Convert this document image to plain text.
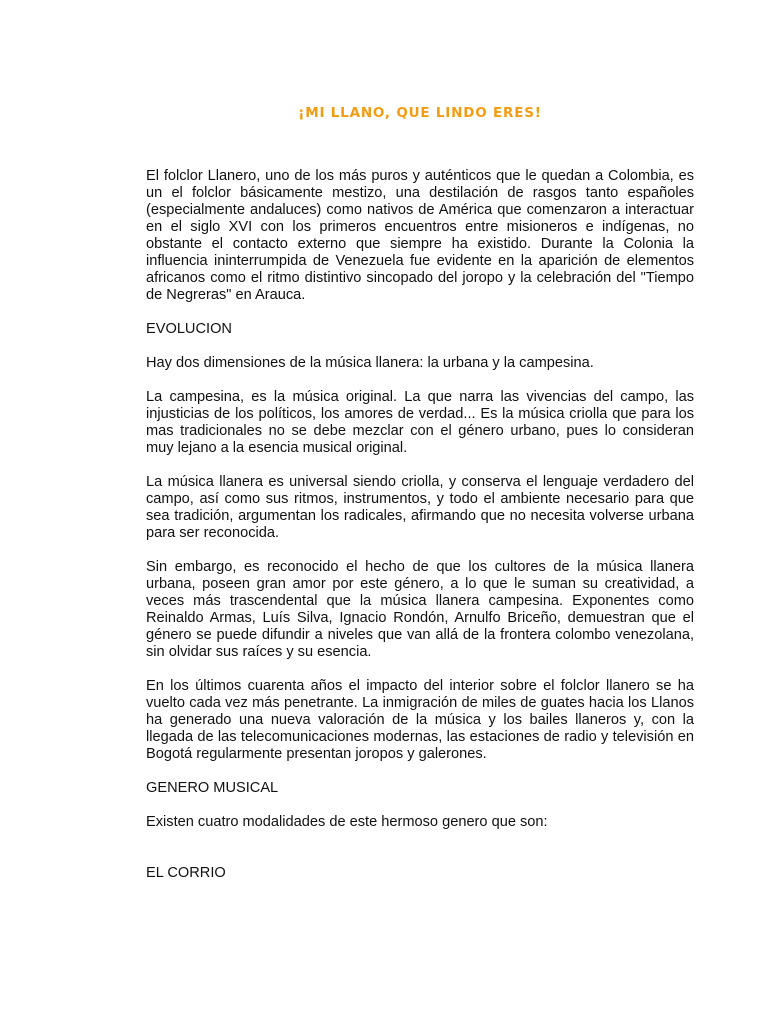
¡MI LLANO, QUE LINDO ERES!

El folclor Llanero, uno de los más puros y auténticos que le quedan a Colombia, es un el folclor básicamente mestizo, una destilación de rasgos tanto españoles (especialmente andaluces) como nativos de América que comenzaron a interactuar en el siglo XVI con los primeros encuentros entre misioneros e indígenas, no obstante el contacto externo que siempre ha existido. Durante la Colonia la influencia ininterrumpida de Venezuela fue evidente en la aparición de elementos africanos como el ritmo distintivo sincopado del joropo y la celebración del "Tiempo de Negreras" en Arauca.

EVOLUCION

Hay dos dimensiones de la música llanera: la urbana y la campesina.

La campesina, es la música original. La que narra las vivencias del campo, las injusticias de los políticos, los amores de verdad... Es la música criolla que para los mas tradicionales no se debe mezclar con el género urbano, pues lo consideran muy lejano a la esencia musical original.

La música llanera es universal siendo criolla, y conserva el lenguaje verdadero del campo, así como sus ritmos, instrumentos, y todo el ambiente necesario para que sea tradición, argumentan los radicales, afirmando que no necesita volverse urbana para ser reconocida.

Sin embargo, es reconocido el hecho de que los cultores de la música llanera urbana, poseen gran amor por este género, a lo que le suman su creatividad, a veces más trascendental que la música llanera campesina. Exponentes como Reinaldo Armas, Luís Silva, Ignacio Rondón, Arnulfo Briceño, demuestran que el género se puede difundir a niveles que van allá de la frontera colombo venezolana, sin olvidar sus raíces y su esencia.

En los últimos cuarenta años el impacto del interior sobre el folclor llanero se ha vuelto cada vez más penetrante. La inmigración de miles de guates hacia los Llanos ha generado una nueva valoración de la música y los bailes llaneros y, con la llegada de las telecomunicaciones modernas, las estaciones de radio y televisión en Bogotá regularmente presentan joropos y galerones.

GENERO MUSICAL

Existen cuatro modalidades de este hermoso genero que son:

EL CORRIO
